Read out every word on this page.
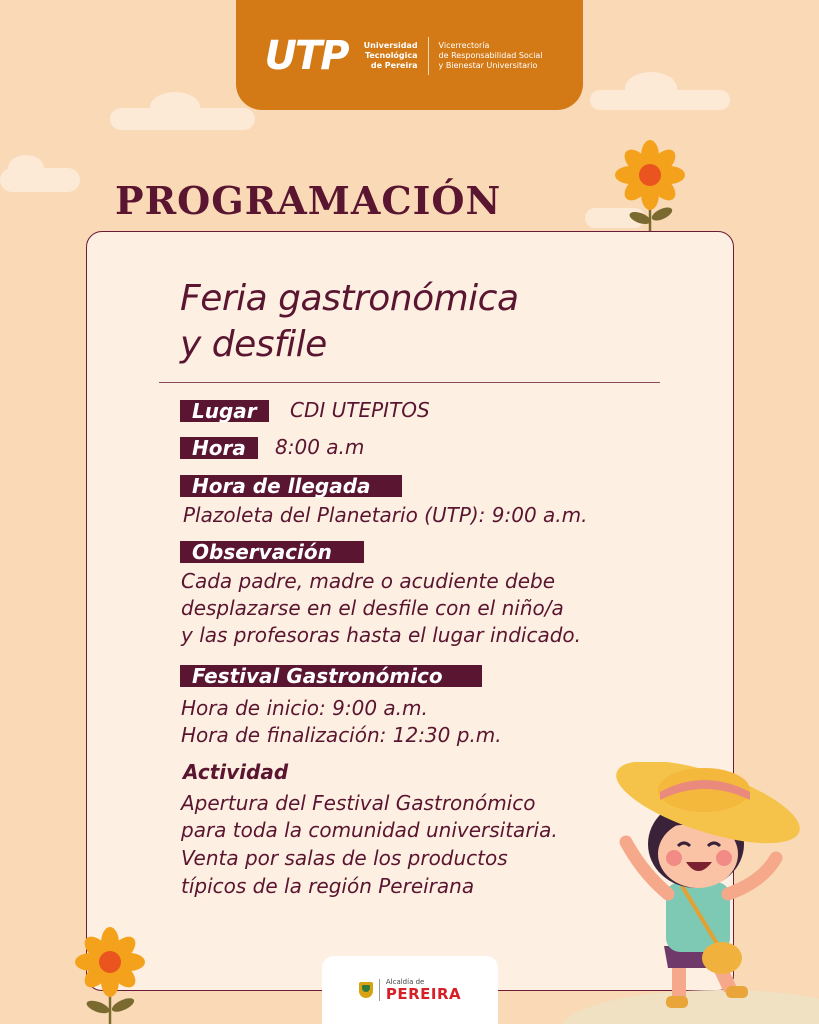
UTP	Universidad
Tecnológica
de Pereira
Vicerrectoría
de Responsabilidad Social
y Bienestar Universitario
PROGRAMACIÓN
Feria gastronómica
y desfile
Lugar	CDI UTEPITOS
Hora	8:00 a.m
Hora de llegada
Plazoleta del Planetario (UTP): 9:00 a.m.
Observación
Cada padre, madre o acudiente debe
desplazarse en el desfile con el niño/a
y las profesoras hasta el lugar indicado.
Festival Gastronómico
Hora de inicio: 9:00 a.m.
Hora de finalización: 12:30 p.m.
Actividad
Apertura del Festival Gastronómico
para toda la comunidad universitaria.
Venta por salas de los productos
típicos de la región Pereirana
Alcaldía de
PEREIRA
